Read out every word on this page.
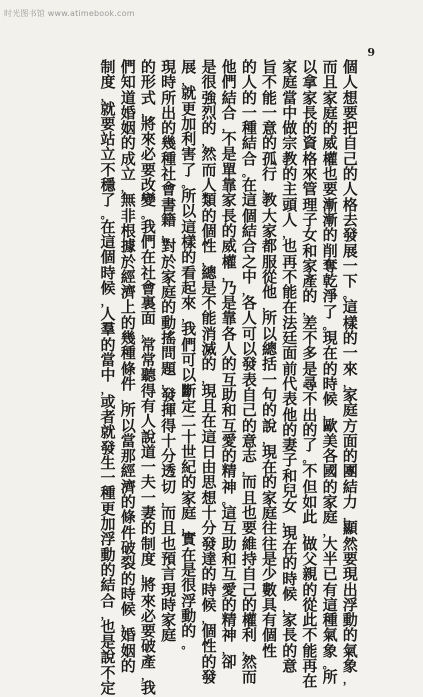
时光图书馆 www.atimebook.com
9
個
人
想
要
把
自
己
的
人
格
去
發
展
一
下
。
這
樣
的
一
來
，
家
庭
方
面
的
團
結
力
，
顯
然
要
現
出
浮
動
的
氣
象
，
而
且
家
庭
的
威
權
也
要
漸
漸
的
削
奪
乾
淨
了
。
現
在
的
時
候
，
歐
美
各
國
的
家
庭
，
大
半
已
有
這
種
氣
象
。
所
以
拿
家
長
的
資
格
來
管
理
子
女
和
家
產
的
，
差
不
多
是
尋
不
出
的
了
。
不
但
如
此
，
做
父
親
的
從
此
不
能
再
在
家
庭
當
中
做
宗
教
的
主
頭
人
，
也
再
不
能
在
法
廷
面
前
代
表
他
的
妻
子
和
兒
女
，
現
在
的
時
候
，
家
長
的
意
旨
不
能
一
意
的
孤
行
，
教
大
家
都
服
從
他
，
所
以
總
括
一
句
的
說
，
現
在
的
家
庭
往
往
是
少
數
具
有
個
性
的
人
的
一
種
結
合
。
在
這
個
結
合
之
中
，
各
人
可
以
發
表
自
己
的
意
志
，
而
且
也
要
維
持
自
己
的
權
利
，
然
而
他
們
結
合
，
不
是
單
靠
家
長
的
威
權
，
乃
是
靠
各
人
的
互
助
和
互
愛
的
精
神
。
這
互
助
和
互
愛
的
精
神
，
卻
是
很
強
烈
的
，
然
而
人
類
的
個
性
，
總
是
不
能
消
滅
的
，
現
且
在
這
日
由
思
想
十
分
發
達
的
時
候
，
個
性
的
發
展
，
就
更
加
利
害
了
。
所
以
這
樣
的
看
起
來
，
我
們
可
以
斷
定
二
十
世
紀
的
家
庭
，
實
在
是
很
浮
動
的
。
現
時
所
出
的
幾
種
社
會
書
籍
，
對
於
家
庭
的
動
搖
問
題
，
發
揮
得
十
分
透
切
，
而
且
也
預
言
現
時
家
庭
的
形
式
，
將
來
必
要
改
變
。
我
們
在
社
會
裏
面
，
常
常
聽
得
有
人
說
道
一
夫
一
妻
的
制
度
，
將
來
必
要
破
產
，
我
們
知
道
婚
姻
的
成
立
，
無
非
根
據
於
經
濟
上
的
幾
種
條
件
，
所
以
當
那
經
濟
的
條
件
破
裂
的
時
候
，
婚
姻
的
制
度
，
就
要
站
立
不
穩
了
。
在
這
個
時
候
，
人
羣
的
當
中
，
或
者
就
發
生
一
種
更
加
浮
動
的
結
合
，
也
是
說
不
定
